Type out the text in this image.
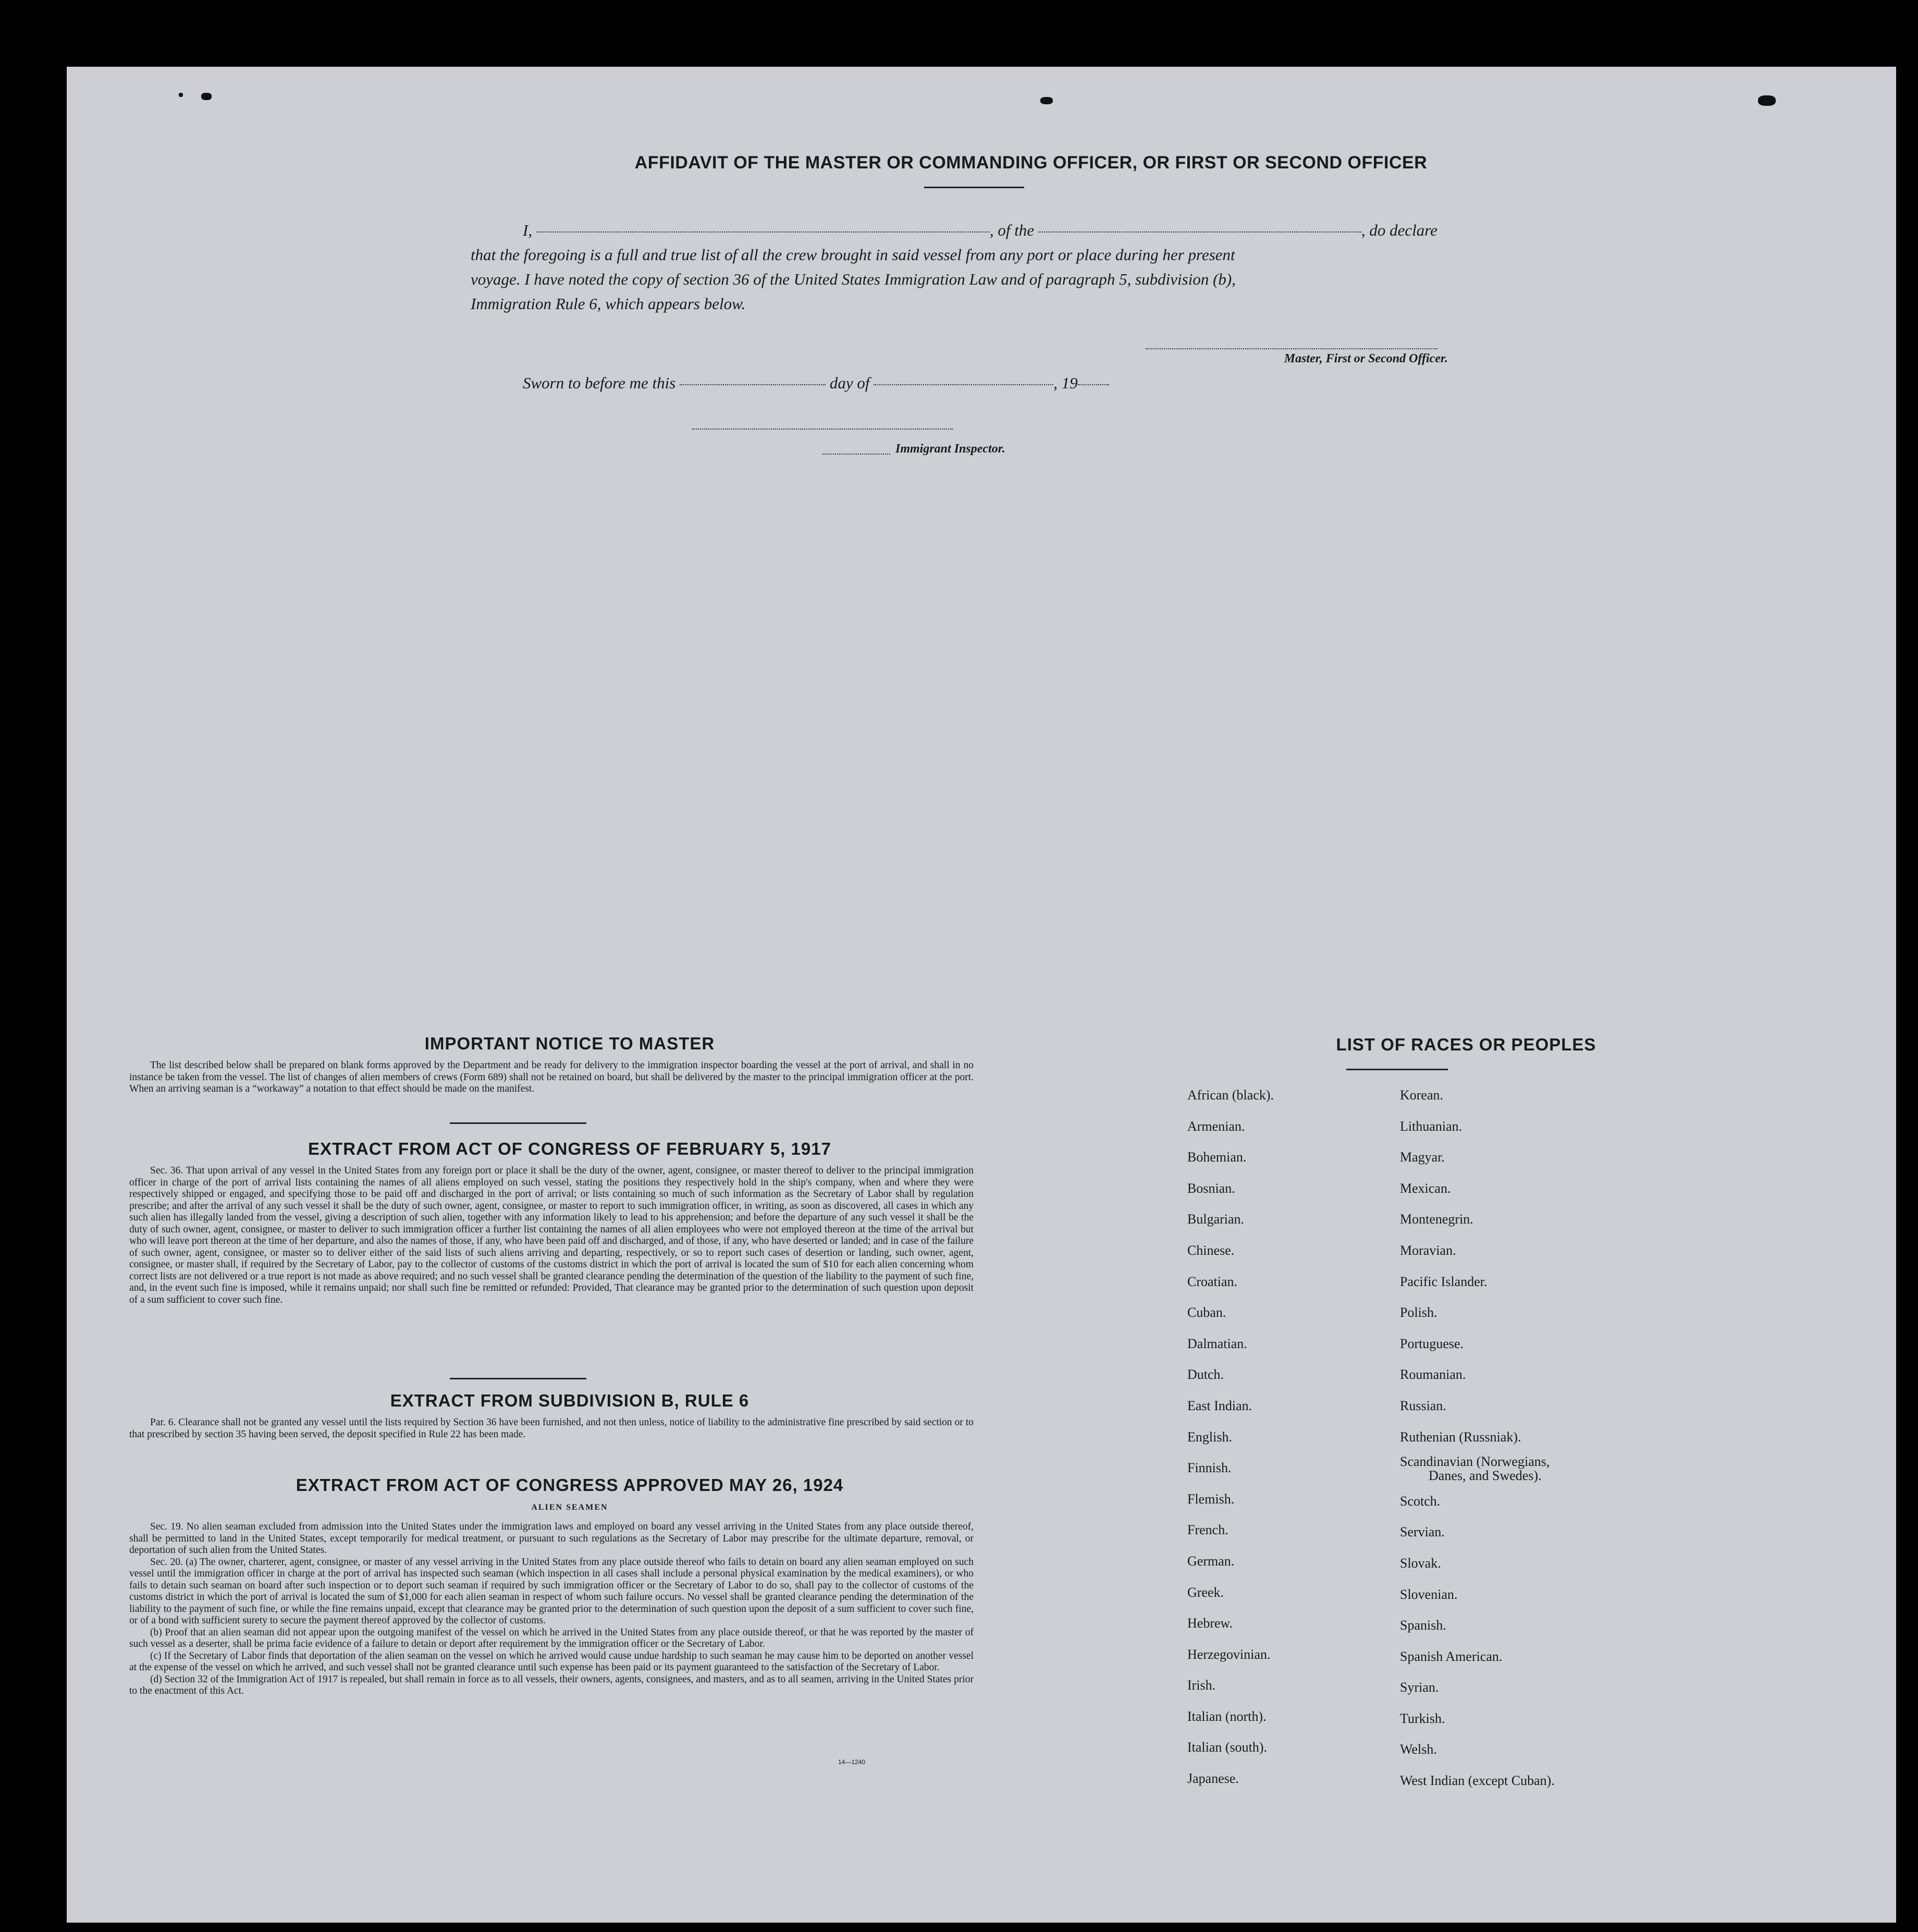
AFFIDAVIT OF THE MASTER OR COMMANDING OFFICER, OR FIRST OR SECOND OFFICER
I,	, of the	, do declare
that the foregoing is a full and true list of all the crew brought in said vessel from any port or place during her present
voyage. I have noted the copy of section 36 of the United States Immigration Law and of paragraph 5, subdivision (b),
Immigration Rule 6, which appears below.
Master, First or Second Officer.
Sworn to before me this	day of	, 19
Immigrant Inspector.
IMPORTANT NOTICE TO MASTER

The list described below shall be prepared on blank forms approved by the Department and be ready for delivery to the immigration inspector boarding the vessel at the port of arrival, and shall in no instance be taken from the vessel. The list of changes of alien members of crews (Form 689) shall not be retained on board, but shall be delivered by the master to the principal immigration officer at the port. When an arriving seaman is a “workaway” a notation to that effect should be made on the manifest.

EXTRACT FROM ACT OF CONGRESS OF FEBRUARY 5, 1917

Sec. 36. That upon arrival of any vessel in the United States from any foreign port or place it shall be the duty of the owner, agent, consignee, or master thereof to deliver to the principal immigration officer in charge of the port of arrival lists containing the names of all aliens employed on such vessel, stating the positions they respectively hold in the ship's company, when and where they were respectively shipped or engaged, and specifying those to be paid off and discharged in the port of arrival; or lists containing so much of such information as the Secretary of Labor shall by regulation prescribe; and after the arrival of any such vessel it shall be the duty of such owner, agent, consignee, or master to report to such immigration officer, in writing, as soon as discovered, all cases in which any such alien has illegally landed from the vessel, giving a description of such alien, together with any information likely to lead to his apprehension; and before the departure of any such vessel it shall be the duty of such owner, agent, consignee, or master to deliver to such immigration officer a further list containing the names of all alien employees who were not employed thereon at the time of the arrival but who will leave port thereon at the time of her departure, and also the names of those, if any, who have been paid off and discharged, and of those, if any, who have deserted or landed; and in case of the failure of such owner, agent, consignee, or master so to deliver either of the said lists of such aliens arriving and departing, respectively, or so to report such cases of desertion or landing, such owner, agent, consignee, or master shall, if required by the Secretary of Labor, pay to the collector of customs of the customs district in which the port of arrival is located the sum of $10 for each alien concerning whom correct lists are not delivered or a true report is not made as above required; and no such vessel shall be granted clearance pending the determination of the question of the liability to the payment of such fine, and, in the event such fine is imposed, while it remains unpaid; nor shall such fine be remitted or refunded: Provided, That clearance may be granted prior to the determination of such question upon deposit of a sum sufficient to cover such fine.

EXTRACT FROM SUBDIVISION B, RULE 6

Par. 6. Clearance shall not be granted any vessel until the lists required by Section 36 have been furnished, and not then unless, notice of liability to the administrative fine prescribed by said section or to that prescribed by section 35 having been served, the deposit specified in Rule 22 has been made.

EXTRACT FROM ACT OF CONGRESS APPROVED MAY 26, 1924
ALIEN SEAMEN

Sec. 19. No alien seaman excluded from admission into the United States under the immigration laws and employed on board any vessel arriving in the United States from any place outside thereof, shall be permitted to land in the United States, except temporarily for medical treatment, or pursuant to such regulations as the Secretary of Labor may prescribe for the ultimate departure, removal, or deportation of such alien from the United States.

Sec. 20. (a) The owner, charterer, agent, consignee, or master of any vessel arriving in the United States from any place outside thereof who fails to detain on board any alien seaman employed on such vessel until the immigration officer in charge at the port of arrival has inspected such seaman (which inspection in all cases shall include a personal physical examination by the medical examiners), or who fails to detain such seaman on board after such inspection or to deport such seaman if required by such immigration officer or the Secretary of Labor to do so, shall pay to the collector of customs of the customs district in which the port of arrival is located the sum of $1,000 for each alien seaman in respect of whom such failure occurs. No vessel shall be granted clearance pending the determination of the liability to the payment of such fine, or while the fine remains unpaid, except that clearance may be granted prior to the determination of such question upon the deposit of a sum sufficient to cover such fine, or of a bond with sufficient surety to secure the payment thereof approved by the collector of customs.

(b) Proof that an alien seaman did not appear upon the outgoing manifest of the vessel on which he arrived in the United States from any place outside thereof, or that he was reported by the master of such vessel as a deserter, shall be prima facie evidence of a failure to detain or deport after requirement by the immigration officer or the Secretary of Labor.

(c) If the Secretary of Labor finds that deportation of the alien seaman on the vessel on which he arrived would cause undue hardship to such seaman he may cause him to be deported on another vessel at the expense of the vessel on which he arrived, and such vessel shall not be granted clearance until such expense has been paid or its payment guaranteed to the satisfaction of the Secretary of Labor.

(d) Section 32 of the Immigration Act of 1917 is repealed, but shall remain in force as to all vessels, their owners, agents, consignees, and masters, and as to all seamen, arriving in the United States prior to the enactment of this Act.

14—1240
LIST OF RACES OR PEOPLES
African (black).
Armenian.
Bohemian.
Bosnian.
Bulgarian.
Chinese.
Croatian.
Cuban.
Dalmatian.
Dutch.
East Indian.
English.
Finnish.
Flemish.
French.
German.
Greek.
Hebrew.
Herzegovinian.
Irish.
Italian (north).
Italian (south).
Japanese.
Korean.
Lithuanian.
Magyar.
Mexican.
Montenegrin.
Moravian.
Pacific Islander.
Polish.
Portuguese.
Roumanian.
Russian.
Ruthenian (Russniak).
Scandinavian (Norwegians,
Danes, and Swedes).
Scotch.
Servian.
Slovak.
Slovenian.
Spanish.
Spanish American.
Syrian.
Turkish.
Welsh.
West Indian (except Cuban).
